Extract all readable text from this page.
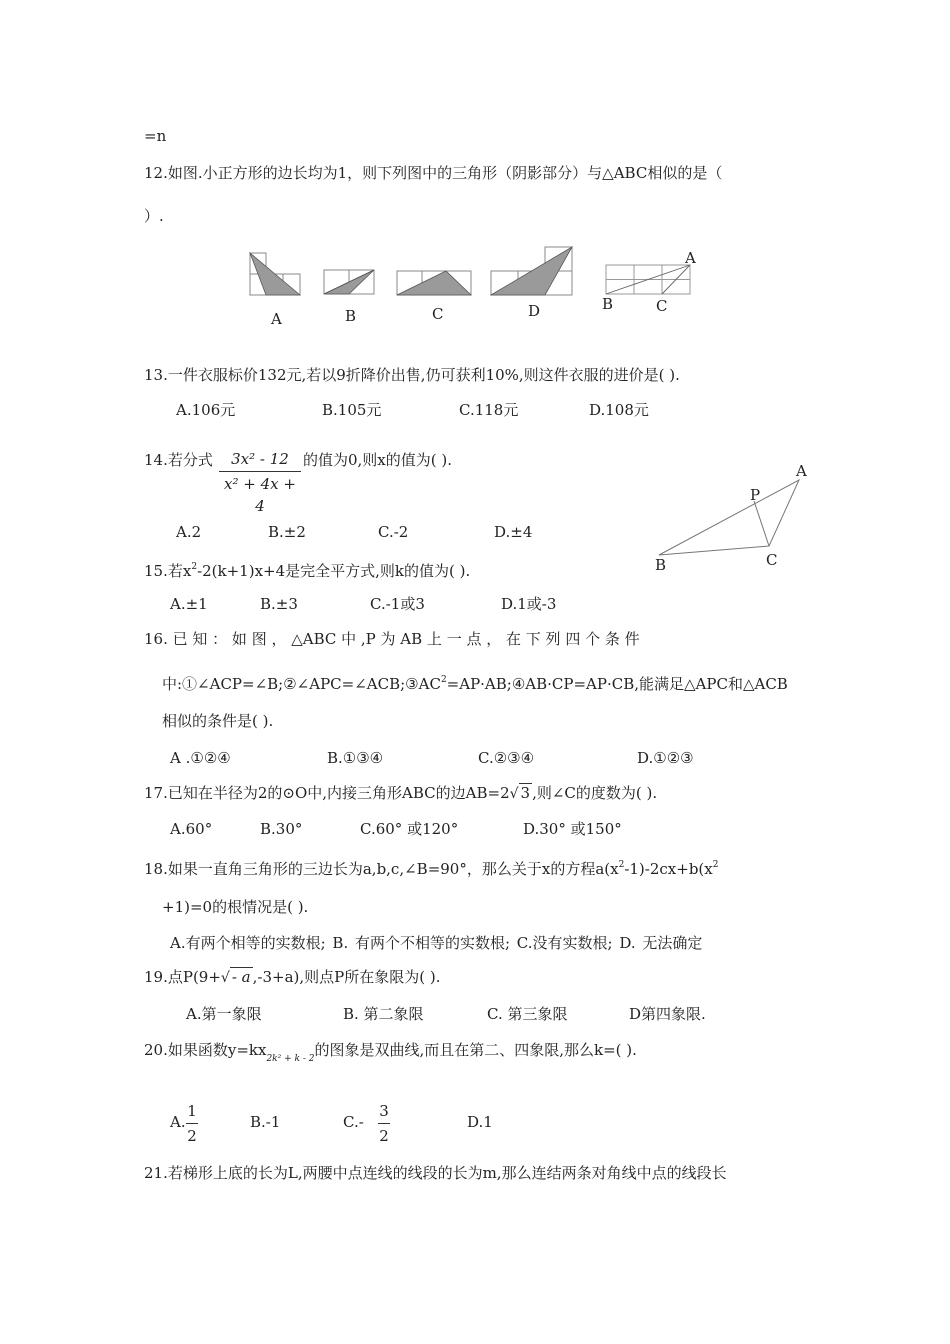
=n
12.如图.小正方形的边长均为1，则下列图中的三角形（阴影部分）与△ABC相似的是（
）.
A	B	C	D
A
B	C
13.一件衣服标价132元,若以9折降价出售,仍可获利10%,则这件衣服的进价是( ).
A.106元	B.105元	C.118元	D.108元
14.若分式	3x² - 12
x² + 4x + 4
的值为0,则x的值为( ).
A.2	B.±2	C.-2	D.±4
A
P
B	C
15.若$x^2-2(k+1)x+4$是完全平方式,则k的值为( ).
A.±1	B.±3	C.-1或3	D.1或-3
16. 已 知 ： 如 图 ， △ABC 中 ,P 为 AB 上 一 点 ， 在 下 列 四 个 条 件
中$:①\angle ACP=\angle B;②\angle APC=\angle ACB;③AC^2=AP\cdot AB;④AB\cdot CP=AP\cdot CB$,能满足△APC和△ACB
相似的条件是( ).
A .①②④	B.①③④	C.②③④	D.①②③
17.已知在半径为2的⊙O中,内接三角形ABC的边AB=2√ 3 ,则∠C的度数为( ).
A.60°	B.30°	C.60° 或120°	D.30° 或150°
18.如果一直角三角形的三边长为a,b,c,∠B=90°，那么关于x的方程$a(x^2-1)-2cx+b(x^2$
+1)=0的根情况是( ).
A.有两个相等的实数根; B. 有两个不相等的实数根; C.没有实数根; D. 无法确定
19.点P(9+√ - a ,-3+a),则点P所在象限为( ).
A.第一象限	B. 第二象限	C. 第三象限	D第四象限.
20.如果函数$y=kx_{2k^2 + k - 2}$的图象是双曲线,而且在第二、四象限,那么k=( ).
A.
1
2
B.-1	C.-
3
2
D.1
21.若梯形上底的长为L,两腰中点连线的线段的长为m,那么连结两条对角线中点的线段长
